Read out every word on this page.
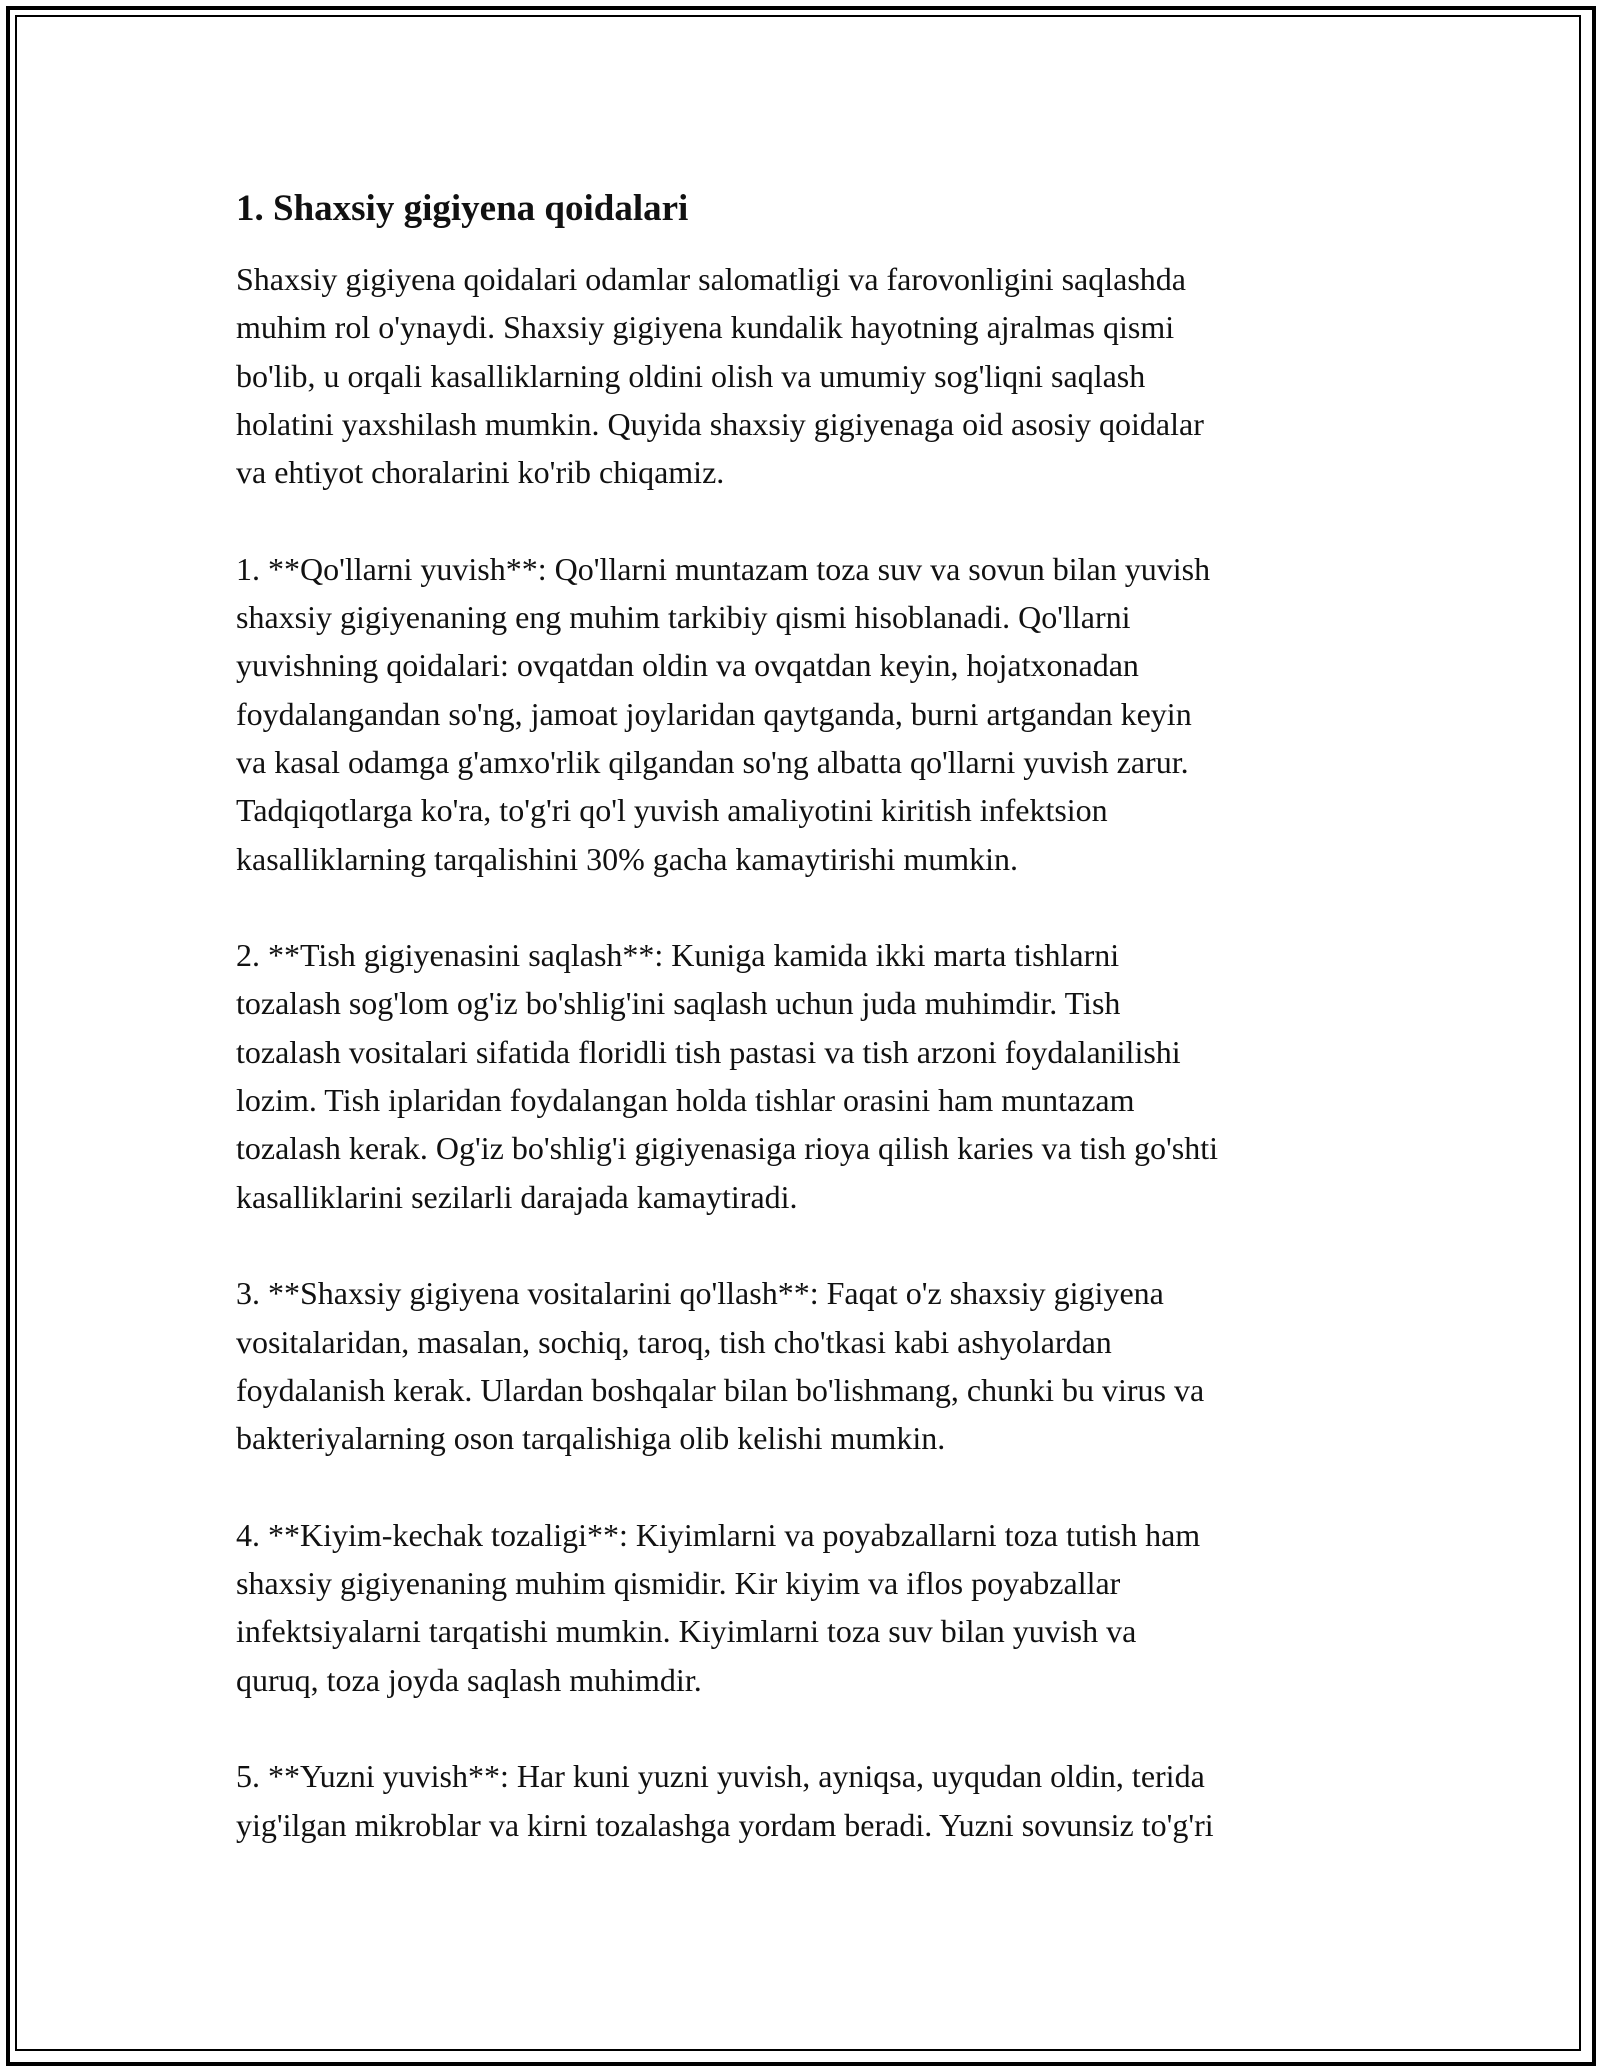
1. Shaxsiy gigiyena qoidalari

Shaxsiy gigiyena qoidalari odamlar salomatligi va farovonligini saqlashda
muhim rol o'ynaydi. Shaxsiy gigiyena kundalik hayotning ajralmas qismi
bo'lib, u orqali kasalliklarning oldini olish va umumiy sog'liqni saqlash
holatini yaxshilash mumkin. Quyida shaxsiy gigiyenaga oid asosiy qoidalar
va ehtiyot choralarini ko'rib chiqamiz.

1. **Qo'llarni yuvish**: Qo'llarni muntazam toza suv va sovun bilan yuvish
shaxsiy gigiyenaning eng muhim tarkibiy qismi hisoblanadi. Qo'llarni
yuvishning qoidalari: ovqatdan oldin va ovqatdan keyin, hojatxonadan
foydalangandan so'ng, jamoat joylaridan qaytganda, burni artgandan keyin
va kasal odamga g'amxo'rlik qilgandan so'ng albatta qo'llarni yuvish zarur.
Tadqiqotlarga ko'ra, to'g'ri qo'l yuvish amaliyotini kiritish infektsion
kasalliklarning tarqalishini 30% gacha kamaytirishi mumkin.

2. **Tish gigiyenasini saqlash**: Kuniga kamida ikki marta tishlarni
tozalash sog'lom og'iz bo'shlig'ini saqlash uchun juda muhimdir. Tish
tozalash vositalari sifatida floridli tish pastasi va tish arzoni foydalanilishi
lozim. Tish iplaridan foydalangan holda tishlar orasini ham muntazam
tozalash kerak. Og'iz bo'shlig'i gigiyenasiga rioya qilish karies va tish go'shti
kasalliklarini sezilarli darajada kamaytiradi.

3. **Shaxsiy gigiyena vositalarini qo'llash**: Faqat o'z shaxsiy gigiyena
vositalaridan, masalan, sochiq, taroq, tish cho'tkasi kabi ashyolardan
foydalanish kerak. Ulardan boshqalar bilan bo'lishmang, chunki bu virus va
bakteriyalarning oson tarqalishiga olib kelishi mumkin.

4. **Kiyim-kechak tozaligi**: Kiyimlarni va poyabzallarni toza tutish ham
shaxsiy gigiyenaning muhim qismidir. Kir kiyim va iflos poyabzallar
infektsiyalarni tarqatishi mumkin. Kiyimlarni toza suv bilan yuvish va
quruq, toza joyda saqlash muhimdir.

5. **Yuzni yuvish**: Har kuni yuzni yuvish, ayniqsa, uyqudan oldin, terida
yig'ilgan mikroblar va kirni tozalashga yordam beradi. Yuzni sovunsiz to'g'ri
